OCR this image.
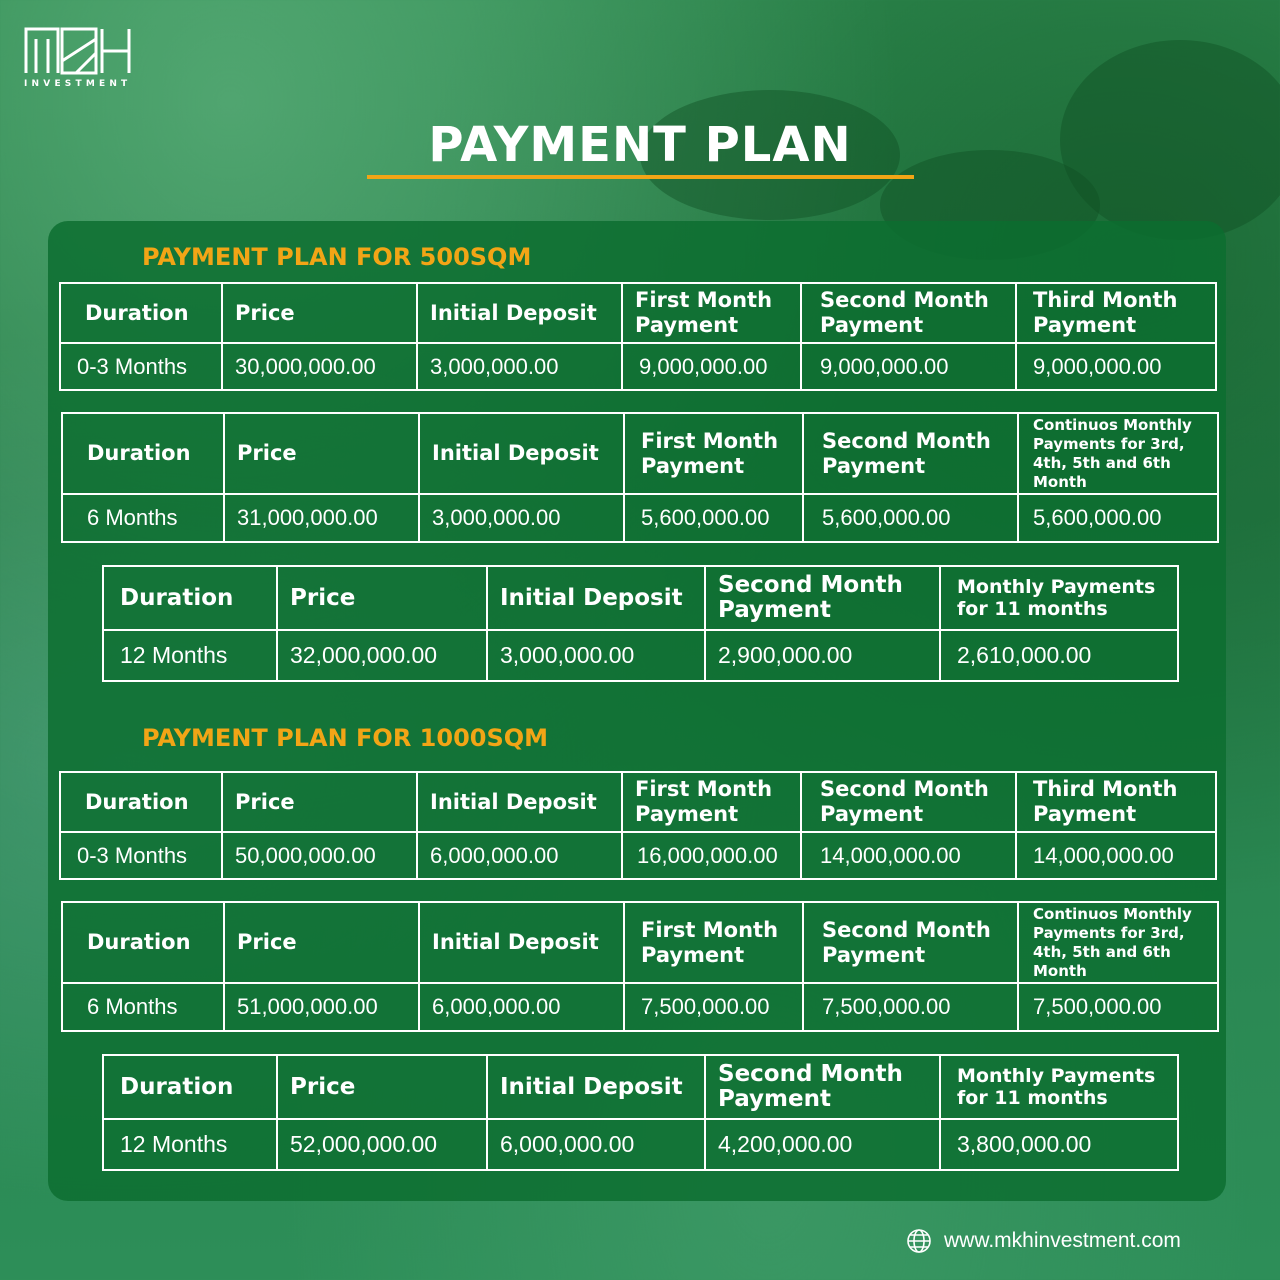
INVESTMENT
PAYMENT PLAN
PAYMENT PLAN FOR 500SQM
Duration	Price	Initial Deposit	First Month Payment	Second Month Payment	Third Month Payment
0-3 Months	30,000,000.00	3,000,000.00	9,000,000.00	9,000,000.00	9,000,000.00
Duration	Price	Initial Deposit	First Month Payment	Second Month Payment	Continuos Monthly Payments for 3rd, 4th, 5th and 6th Month
6 Months	31,000,000.00	3,000,000.00	5,600,000.00	5,600,000.00	5,600,000.00
Duration	Price	Initial Deposit	Second Month Payment	Monthly Payments for 11 months
12 Months	32,000,000.00	3,000,000.00	2,900,000.00	2,610,000.00
PAYMENT PLAN FOR 1000SQM
Duration	Price	Initial Deposit	First Month Payment	Second Month Payment	Third Month Payment
0-3 Months	50,000,000.00	6,000,000.00	16,000,000.00	14,000,000.00	14,000,000.00
Duration	Price	Initial Deposit	First Month Payment	Second Month Payment	Continuos Monthly Payments for 3rd, 4th, 5th and 6th Month
6 Months	51,000,000.00	6,000,000.00	7,500,000.00	7,500,000.00	7,500,000.00
Duration	Price	Initial Deposit	Second Month Payment	Monthly Payments for 11 months
12 Months	52,000,000.00	6,000,000.00	4,200,000.00	3,800,000.00
www.mkhinvestment.com
